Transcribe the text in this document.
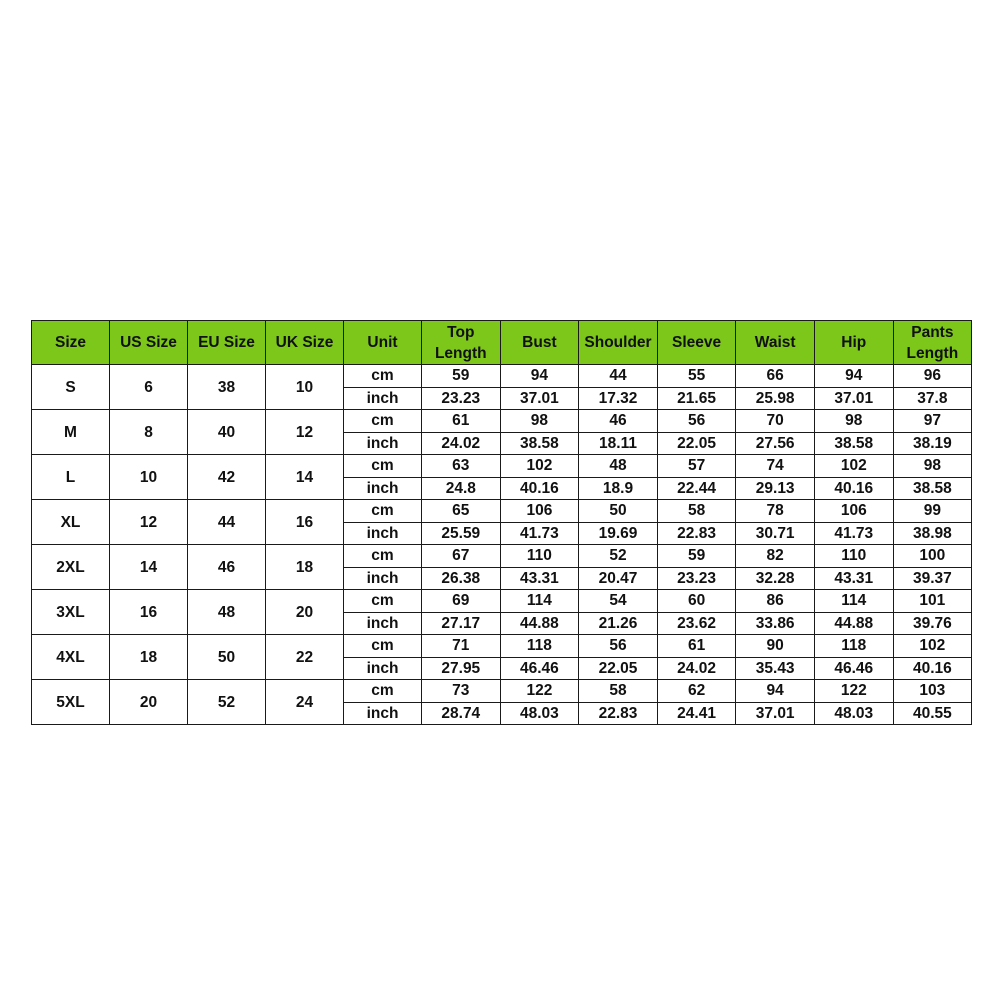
Size	US Size	EU Size	UK Size	Unit	Top Length	Bust	Shoulder	Sleeve	Waist	Hip	Pants Length
S	6	38	10	cm	59	94	44	55	66	94	96
				inch	23.23	37.01	17.32	21.65	25.98	37.01	37.8
M	8	40	12	cm	61	98	46	56	70	98	97
				inch	24.02	38.58	18.11	22.05	27.56	38.58	38.19
L	10	42	14	cm	63	102	48	57	74	102	98
				inch	24.8	40.16	18.9	22.44	29.13	40.16	38.58
XL	12	44	16	cm	65	106	50	58	78	106	99
				inch	25.59	41.73	19.69	22.83	30.71	41.73	38.98
2XL	14	46	18	cm	67	110	52	59	82	110	100
				inch	26.38	43.31	20.47	23.23	32.28	43.31	39.37
3XL	16	48	20	cm	69	114	54	60	86	114	101
				inch	27.17	44.88	21.26	23.62	33.86	44.88	39.76
4XL	18	50	22	cm	71	118	56	61	90	118	102
				inch	27.95	46.46	22.05	24.02	35.43	46.46	40.16
5XL	20	52	24	cm	73	122	58	62	94	122	103
				inch	28.74	48.03	22.83	24.41	37.01	48.03	40.55
